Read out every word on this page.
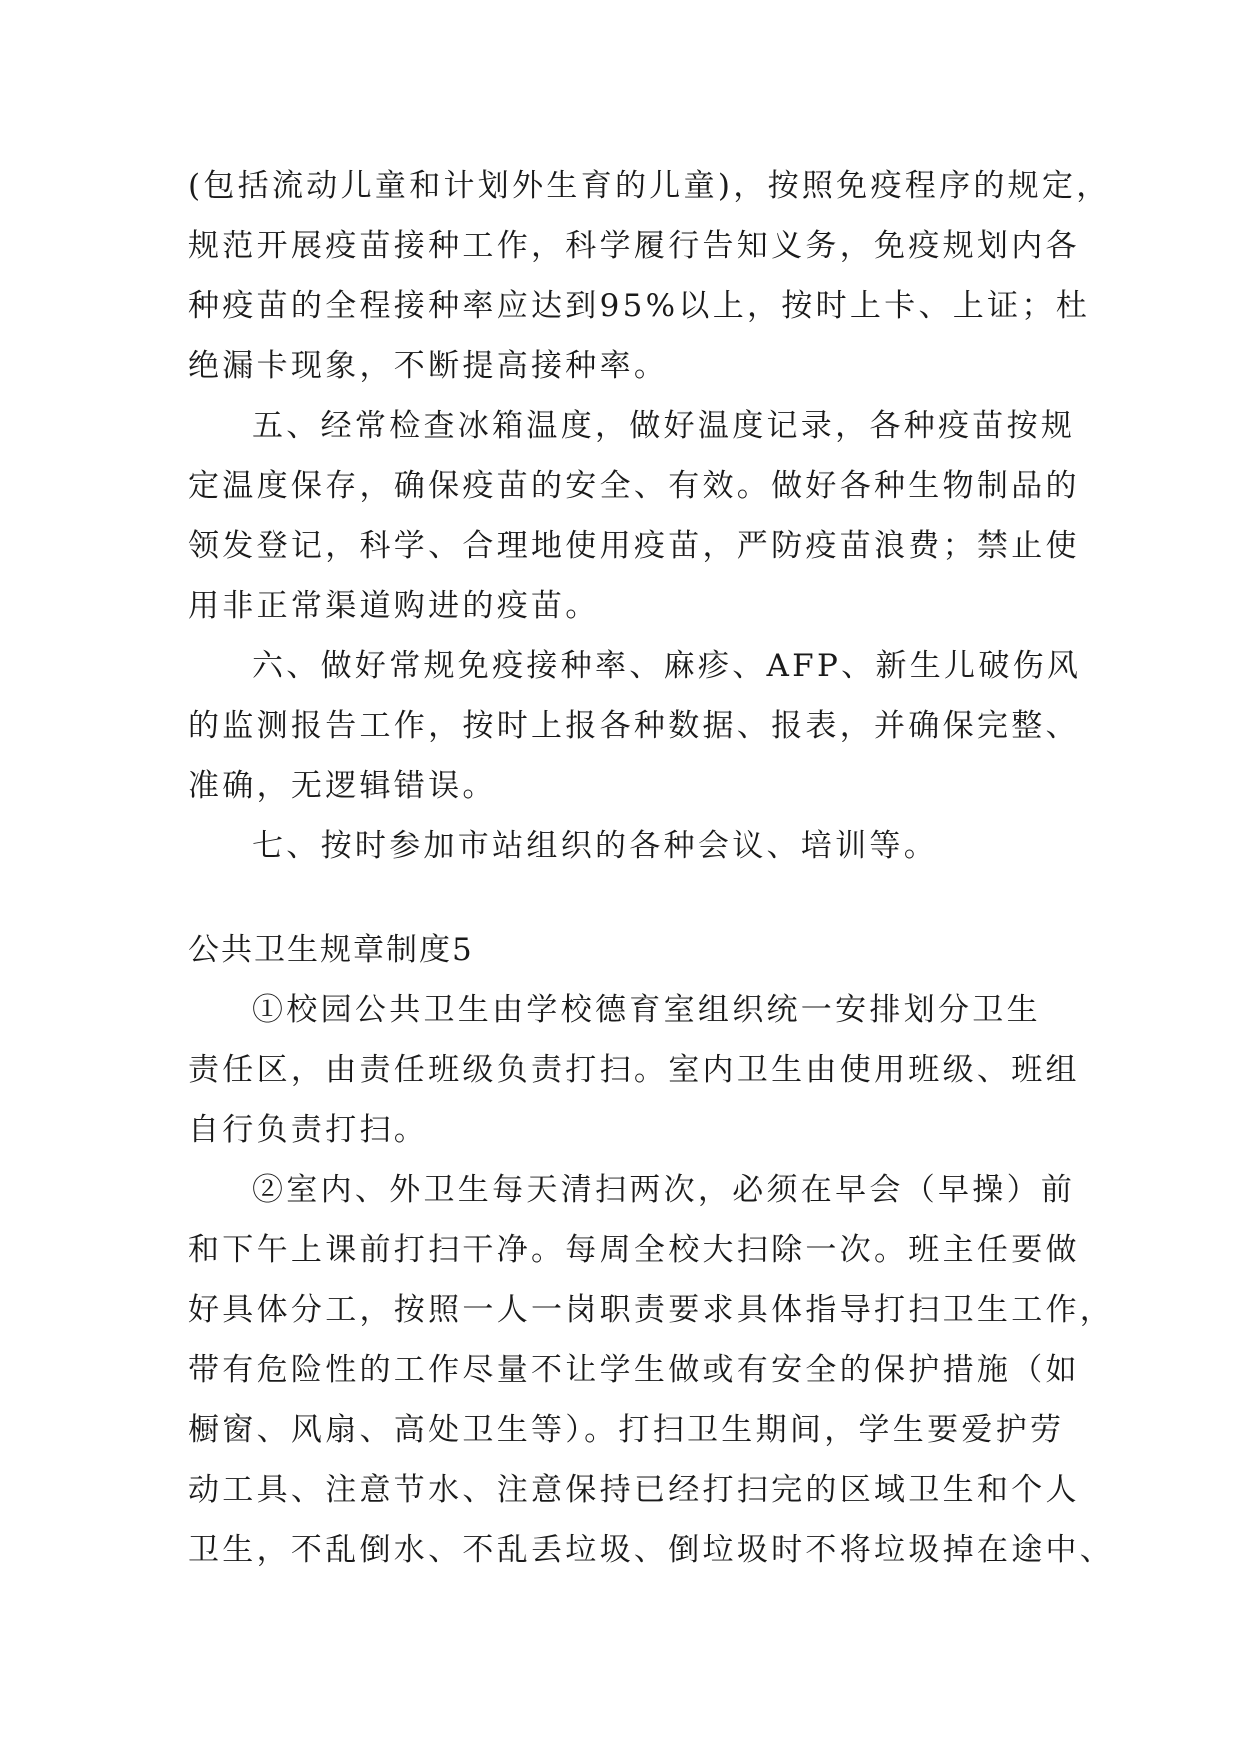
(包括流动儿童和计划外生育的儿童)，按照免疫程序的规定，

规范开展疫苗接种工作，科学履行告知义务，免疫规划内各

种疫苗的全程接种率应达到95%以上，按时上卡、上证；杜

绝漏卡现象，不断提高接种率。

五、经常检查冰箱温度，做好温度记录，各种疫苗按规

定温度保存，确保疫苗的安全、有效。做好各种生物制品的

领发登记，科学、合理地使用疫苗，严防疫苗浪费；禁止使

用非正常渠道购进的疫苗。

六、做好常规免疫接种率、麻疹、AFP、新生儿破伤风

的监测报告工作，按时上报各种数据、报表，并确保完整、

准确，无逻辑错误。

七、按时参加市站组织的各种会议、培训等。

公共卫生规章制度5

①校园公共卫生由学校德育室组织统一安排划分卫生

责任区，由责任班级负责打扫。室内卫生由使用班级、班组

自行负责打扫。

②室内、外卫生每天清扫两次，必须在早会（早操）前

和下午上课前打扫干净。每周全校大扫除一次。班主任要做

好具体分工，按照一人一岗职责要求具体指导打扫卫生工作，

带有危险性的工作尽量不让学生做或有安全的保护措施（如

橱窗、风扇、高处卫生等）。打扫卫生期间，学生要爱护劳

动工具、注意节水、注意保持已经打扫完的区域卫生和个人

卫生，不乱倒水、不乱丢垃圾、倒垃圾时不将垃圾掉在途中、
